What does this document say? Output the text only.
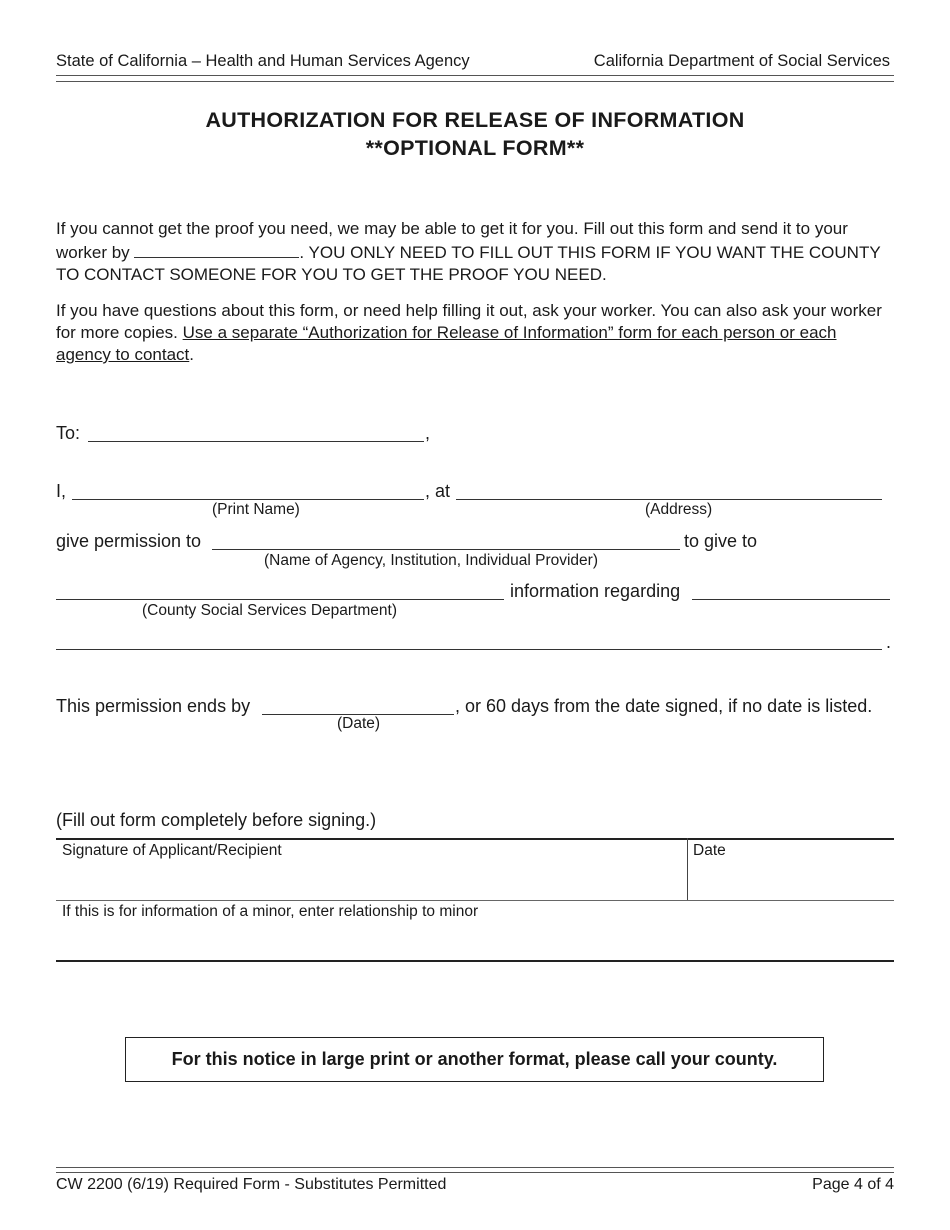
State of California – Health and Human Services Agency	California Department of Social Services
AUTHORIZATION FOR RELEASE OF INFORMATION
**OPTIONAL FORM**
If you cannot get the proof you need, we may be able to get it for you. Fill out this form and send it to your worker by	. YOU ONLY NEED TO FILL OUT THIS FORM IF YOU WANT THE COUNTY TO CONTACT SOMEONE FOR YOU TO GET THE PROOF YOU NEED.
If you have questions about this form, or need help filling it out, ask your worker. You can also ask your worker for more copies. Use a separate “Authorization for Release of Information” form for each person or each agency to contact.
To:	,
I,	, at
(Print Name)	(Address)
give permission to	to give to
(Name of Agency, Institution, Individual Provider)
information regarding
(County Social Services Department)
.
This permission ends by	, or 60 days from the date signed, if no date is listed.
(Date)
(Fill out form completely before signing.)
Signature of Applicant/Recipient	Date
If this is for information of a minor, enter relationship to minor
For this notice in large print or another format, please call your county.
CW 2200 (6/19) Required Form - Substitutes Permitted	Page 4 of 4
